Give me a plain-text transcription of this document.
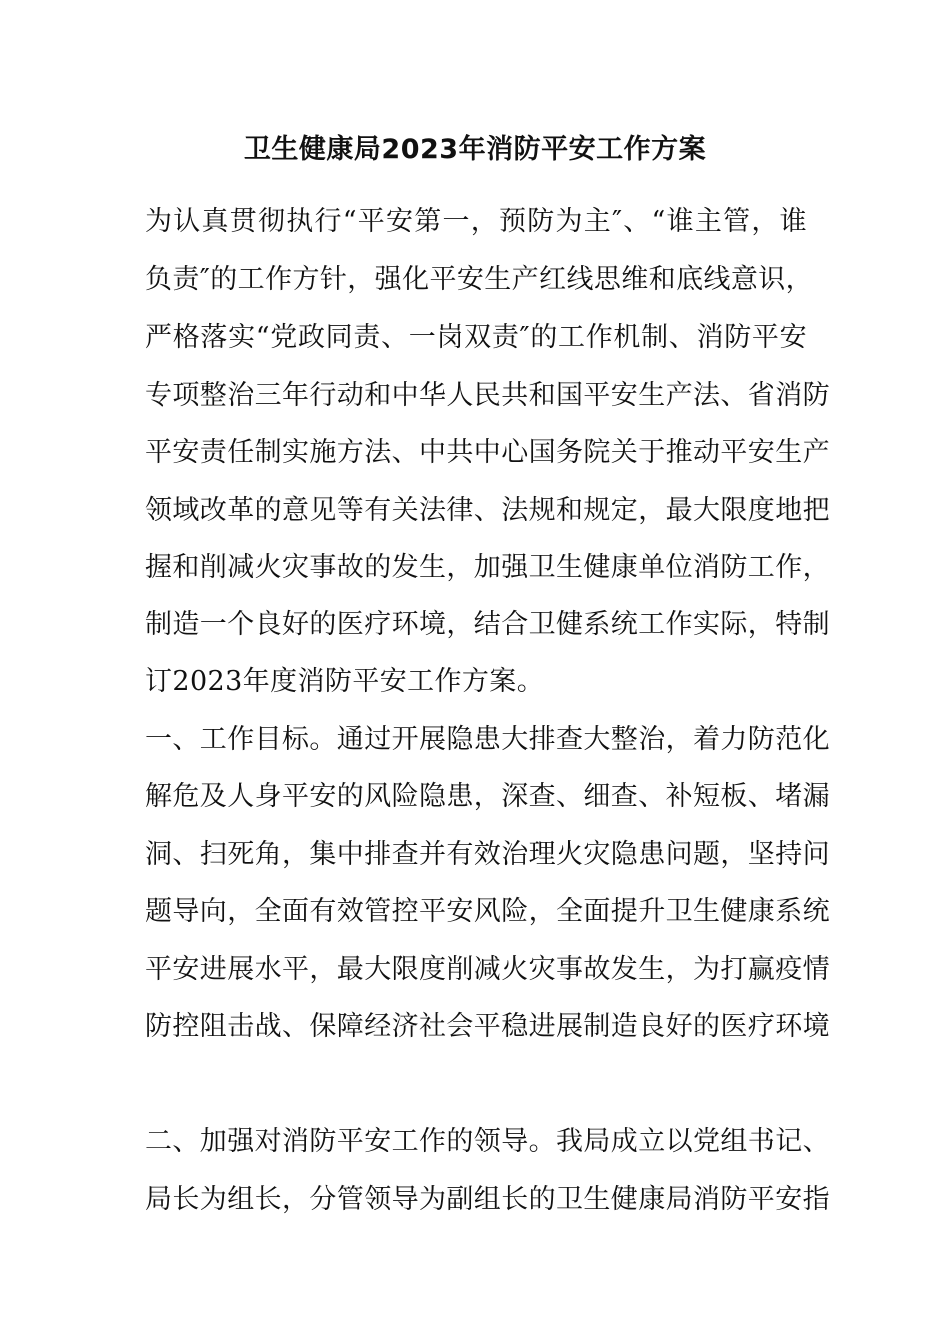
卫生健康局2023年消防平安工作方案
为认真贯彻执行“平安第一，预防为主″、“谁主管，谁
负责″的工作方针，强化平安生产红线思维和底线意识，
严格落实“党政同责、一岗双责″的工作机制、消防平安
专项整治三年行动和中华人民共和国平安生产法、省消防
平安责任制实施方法、中共中心国务院关于推动平安生产
领域改革的意见等有关法律、法规和规定，最大限度地把
握和削减火灾事故的发生，加强卫生健康单位消防工作，
制造一个良好的医疗环境，结合卫健系统工作实际，特制
订2023年度消防平安工作方案。
一、工作目标。通过开展隐患大排查大整治，着力防范化
解危及人身平安的风险隐患，深查、细查、补短板、堵漏
洞、扫死角，集中排查并有效治理火灾隐患问题，坚持问
题导向，全面有效管控平安风险，全面提升卫生健康系统
平安进展水平，最大限度削减火灾事故发生，为打赢疫情
防控阻击战、保障经济社会平稳进展制造良好的医疗环境
二、加强对消防平安工作的领导。我局成立以党组书记、
局长为组长，分管领导为副组长的卫生健康局消防平安指
